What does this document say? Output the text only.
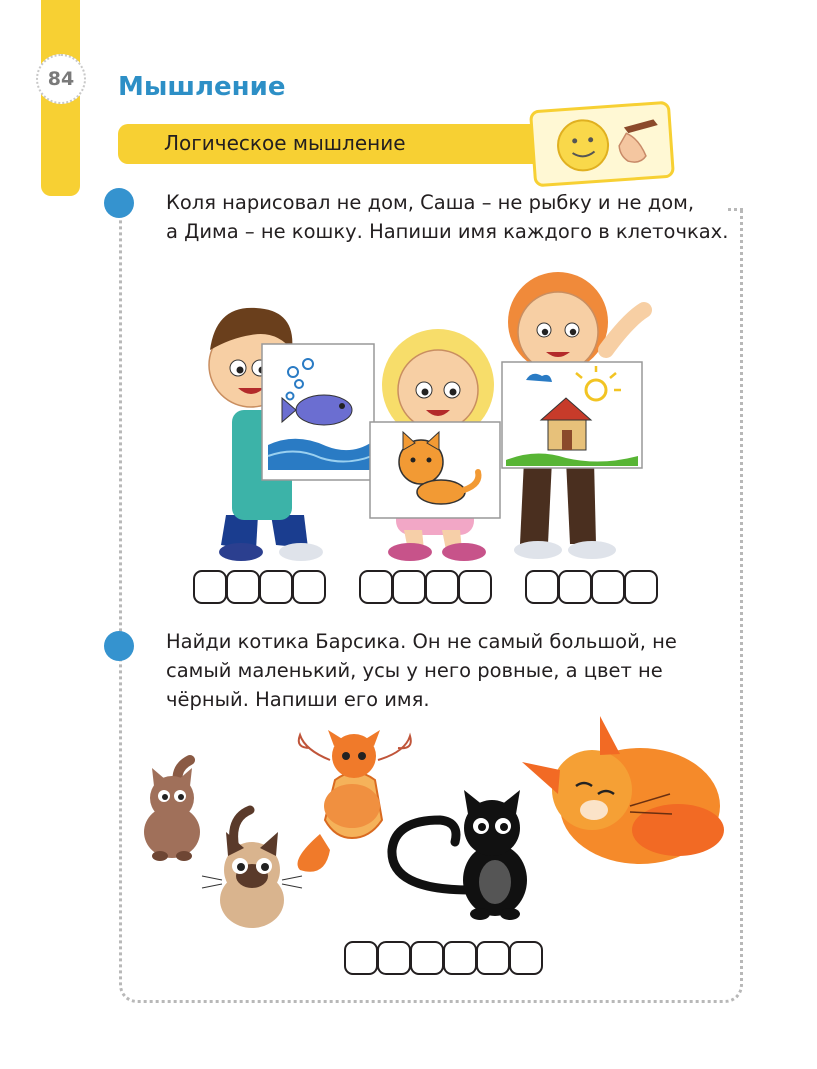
84	Мышление
Логическое мышление
Коля нарисовал не дом, Саша – не рыбку и не дом,
а Дима – не кошку. Напиши имя каждого в клеточках.
Найди котика Барсика. Он не самый большой, не
самый маленький, усы у него ровные, а цвет не
чёрный. Напиши его имя.
